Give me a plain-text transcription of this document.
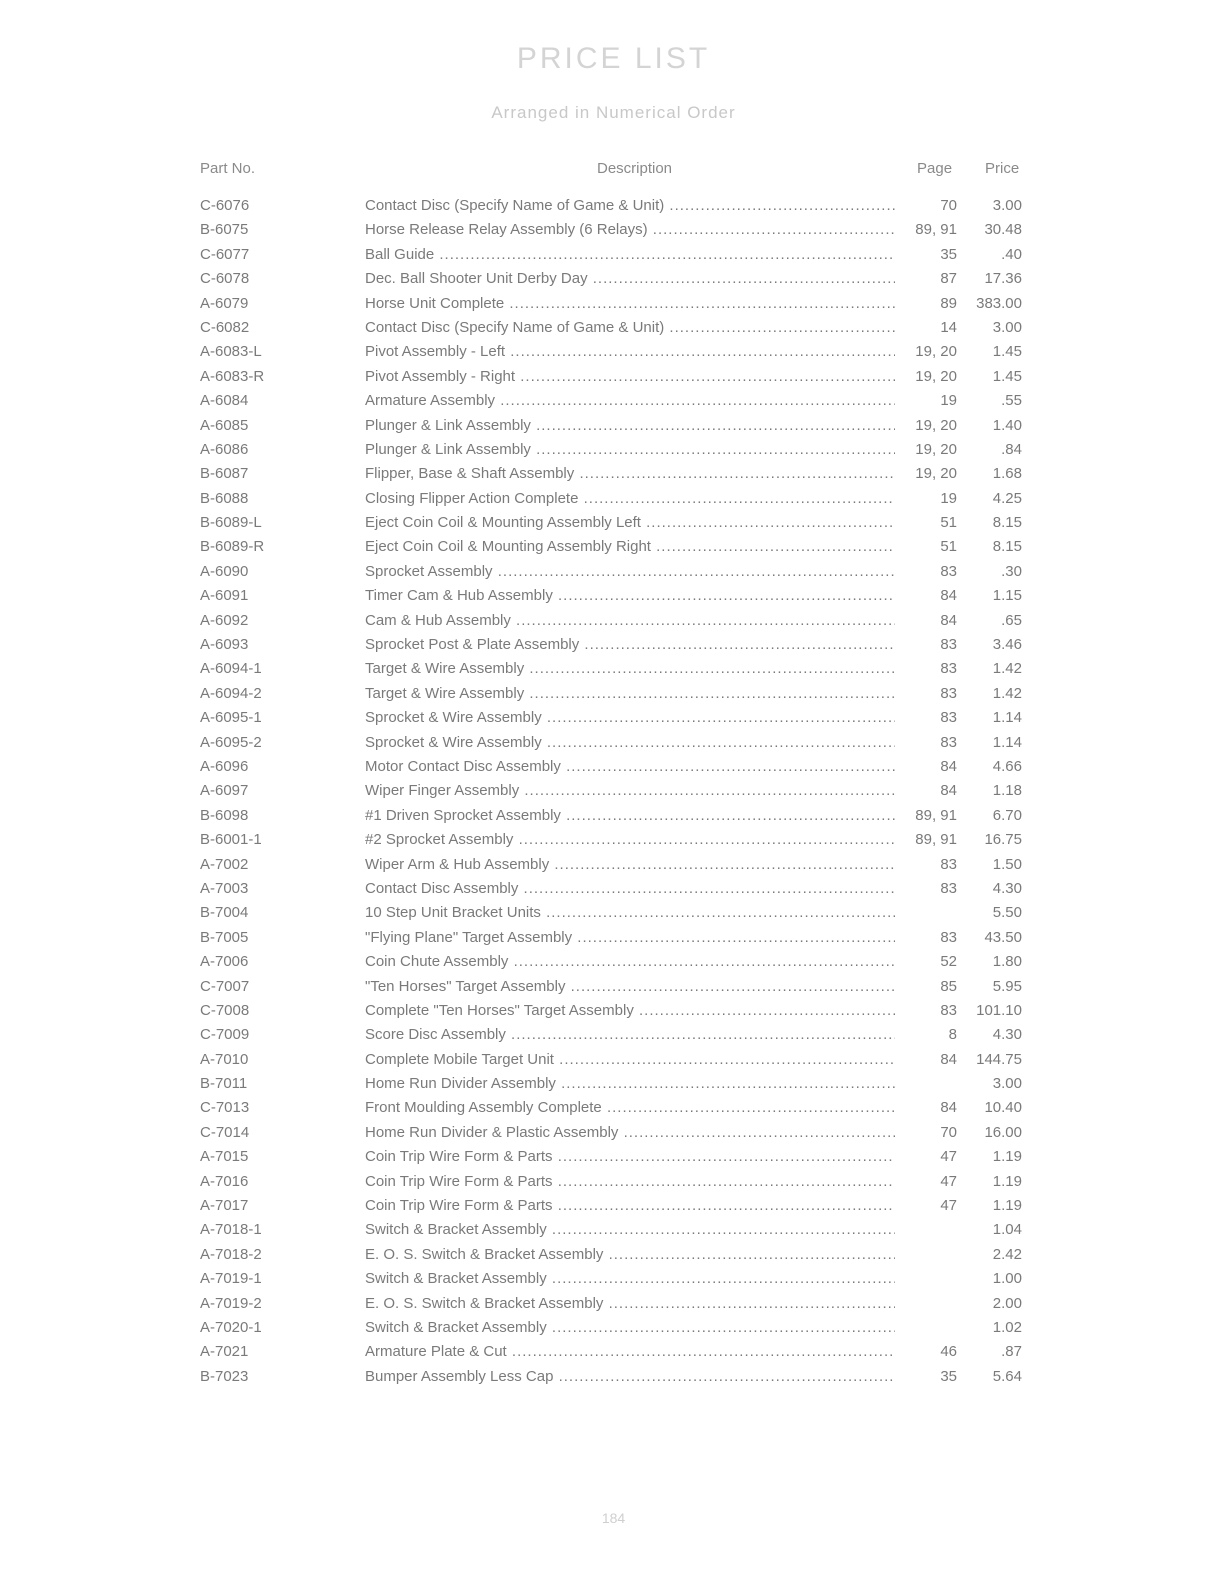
PRICE LIST
Arranged in Numerical Order
Part No.	Description	Page Price
C-6076	Contact Disc (Specify Name of Game & Unit) .....	70 3.00
B-6075	Horse Release Relay Assembly (6 Relays) .....	89, 91 30.48
C-6077	Ball Guide .....	35	.40
C-6078	Dec. Ball Shooter Unit Derby Day .....	87 17.36
A-6079	Horse Unit Complete .....	89 383.00
C-6082	Contact Disc (Specify Name of Game & Unit) .....	14 3.00
A-6083-L	Pivot Assembly - Left .....	19, 20 1.45
A-6083-R	Pivot Assembly - Right .....	19, 20 1.45
A-6084	Armature Assembly .....	19	.55
A-6085	Plunger & Link Assembly .....	19, 20 1.40
A-6086	Plunger & Link Assembly .....	19, 20	.84
B-6087	Flipper, Base & Shaft Assembly .....	19, 20 1.68
B-6088	Closing Flipper Action Complete .....	19 4.25
B-6089-L	Eject Coin Coil & Mounting Assembly Left .....	51 8.15
B-6089-R	Eject Coin Coil & Mounting Assembly Right .....	51 8.15
A-6090	Sprocket Assembly .....	83	.30
A-6091	Timer Cam & Hub Assembly .....	84 1.15
A-6092	Cam & Hub Assembly .....	84	.65
A-6093	Sprocket Post & Plate Assembly .....	83 3.46
A-6094-1	Target & Wire Assembly .....	83 1.42
A-6094-2	Target & Wire Assembly .....	83 1.42
A-6095-1	Sprocket & Wire Assembly .....	83 1.14
A-6095-2	Sprocket & Wire Assembly .....	83 1.14
A-6096	Motor Contact Disc Assembly .....	84 4.66
A-6097	Wiper Finger Assembly .....	84 1.18
B-6098	#1 Driven Sprocket Assembly .....	89, 91 6.70
B-6001-1	#2 Sprocket Assembly .....	89, 91 16.75
A-7002	Wiper Arm & Hub Assembly .....	83 1.50
A-7003	Contact Disc Assembly .....	83 4.30
B-7004	10 Step Unit Bracket Units .....	5.50
B-7005	"Flying Plane" Target Assembly .....	83 43.50
A-7006	Coin Chute Assembly .....	52 1.80
C-7007	"Ten Horses" Target Assembly .....	85 5.95
C-7008	Complete "Ten Horses" Target Assembly .....	83 101.10
C-7009	Score Disc Assembly .....	8 4.30
A-7010	Complete Mobile Target Unit .....	84 144.75
B-7011	Home Run Divider Assembly .....	3.00
C-7013	Front Moulding Assembly Complete .....	84 10.40
C-7014	Home Run Divider & Plastic Assembly .....	70 16.00
A-7015	Coin Trip Wire Form & Parts .....	47 1.19
A-7016	Coin Trip Wire Form & Parts .....	47 1.19
A-7017	Coin Trip Wire Form & Parts .....	47 1.19
A-7018-1	Switch & Bracket Assembly .....	1.04
A-7018-2	E. O. S. Switch & Bracket Assembly .....	2.42
A-7019-1	Switch & Bracket Assembly .....	1.00
A-7019-2	E. O. S. Switch & Bracket Assembly .....	2.00
A-7020-1	Switch & Bracket Assembly .....	1.02
A-7021	Armature Plate & Cut .....	46	.87
B-7023	Bumper Assembly Less Cap .....	35 5.64
184
